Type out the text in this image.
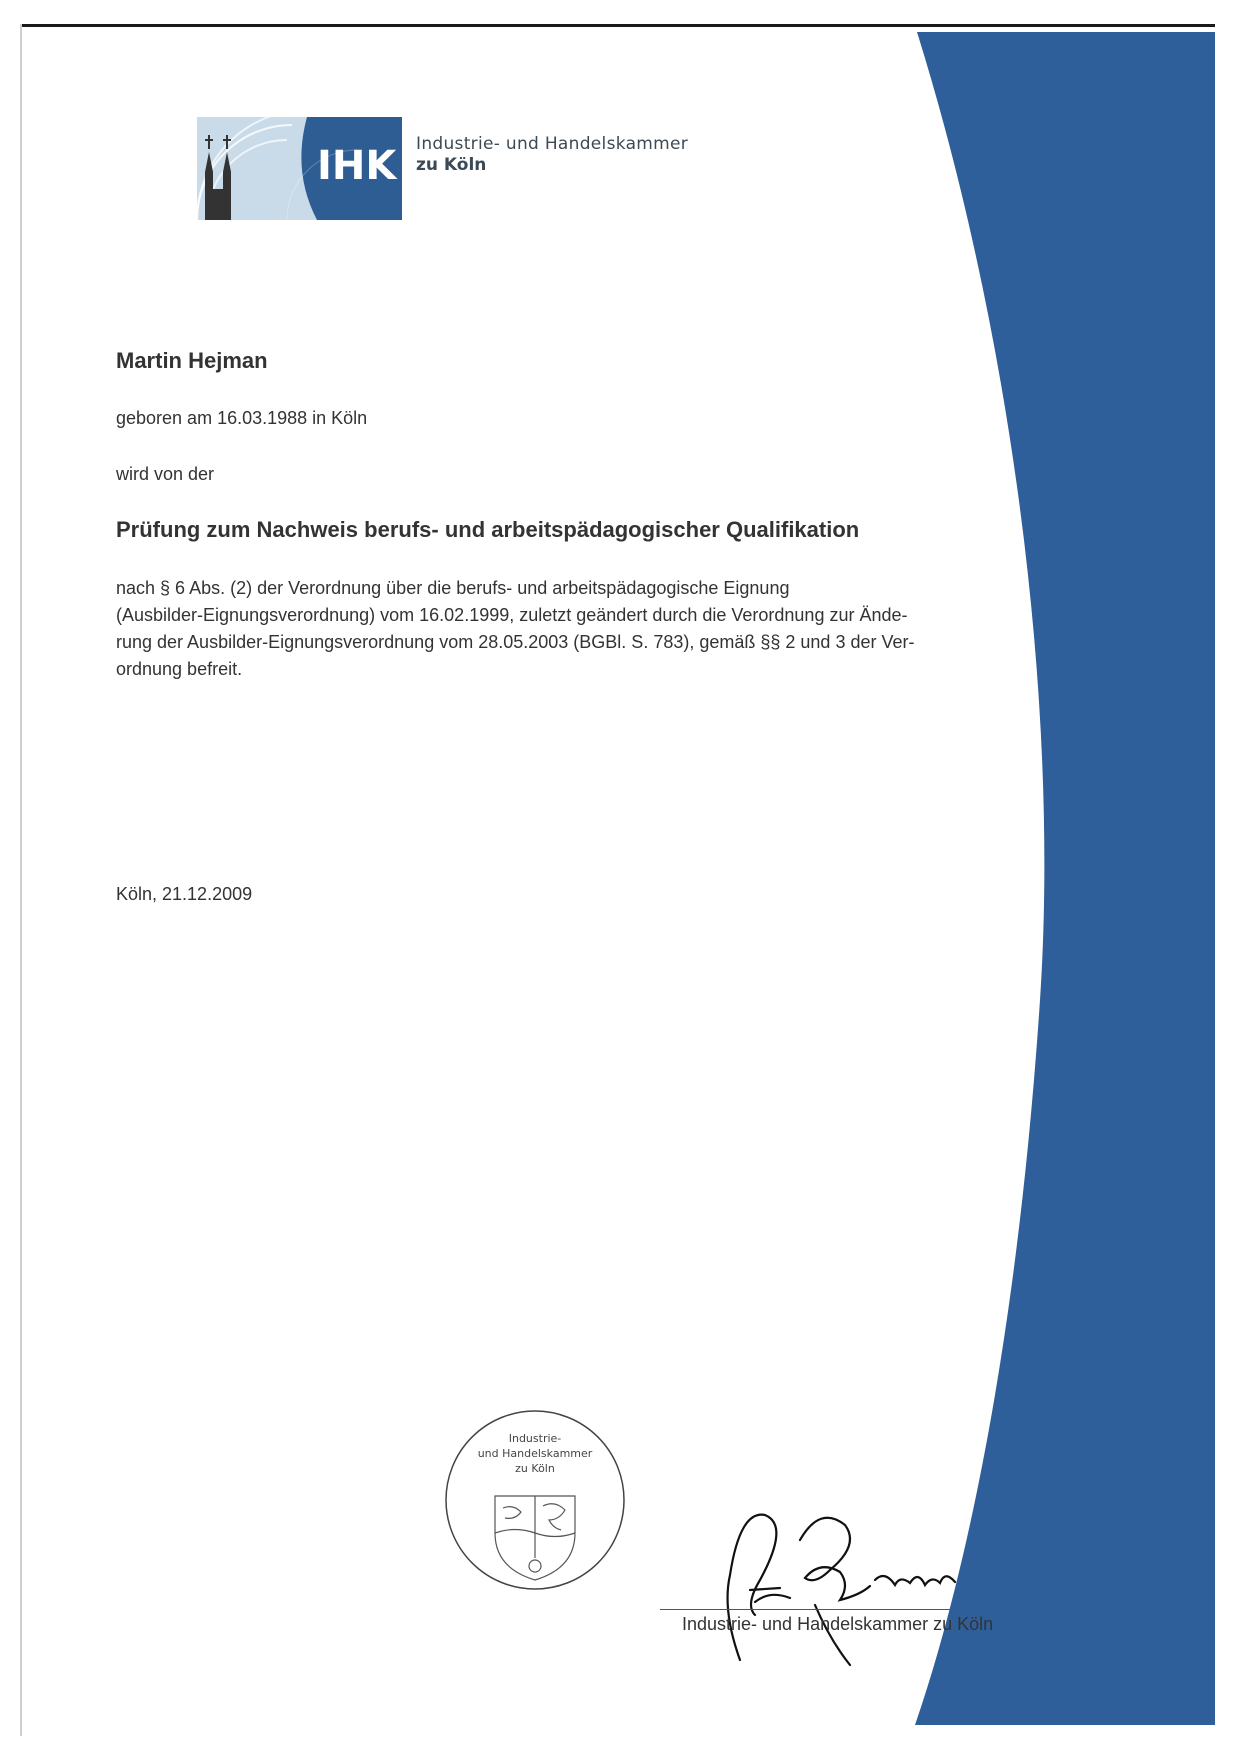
IHK Industrie- und Handelskammer
zu Köln
Martin Hejman
geboren am 16.03.1988 in Köln
wird von der
Prüfung zum Nachweis berufs- und arbeitspädagogischer Qualifikation
nach § 6 Abs. (2) der Verordnung über die berufs- und arbeitspädagogische Eignung
(Ausbilder-Eignungsverordnung) vom 16.02.1999, zuletzt geändert durch die Verordnung zur Ände-
rung der Ausbilder-Eignungsverordnung vom 28.05.2003 (BGBl. S. 783), gemäß §§ 2 und 3 der Ver-
ordnung befreit.
Köln, 21.12.2009
Industrie-
und Handelskammer
zu Köln
Industrie- und Handelskammer zu Köln
